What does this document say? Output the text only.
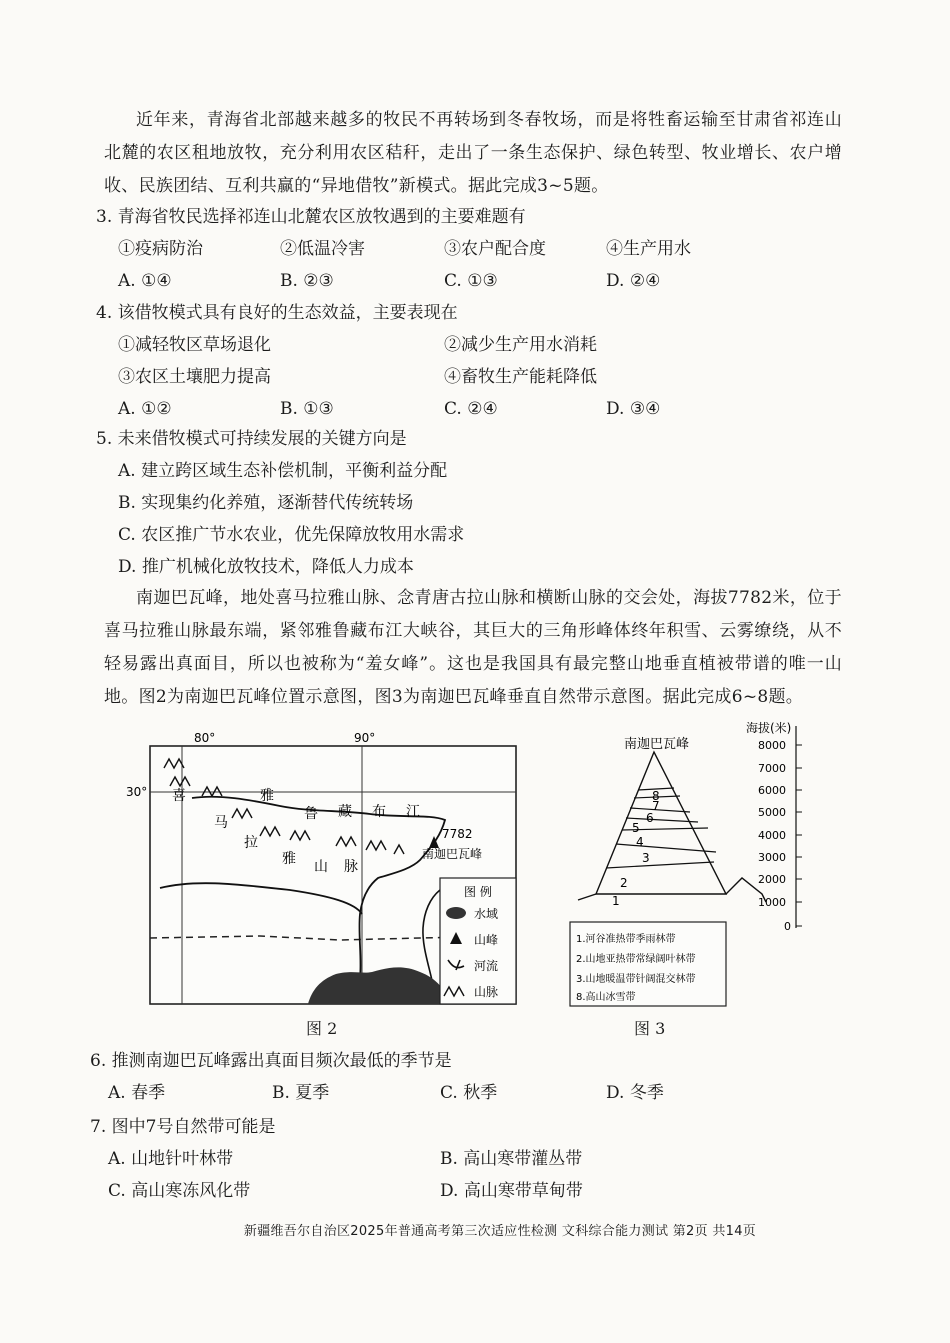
近年来，青海省北部越来越多的牧民不再转场到冬春牧场，而是将牲畜运输至甘肃省祁连山北麓的农区租地放牧，充分利用农区秸秆，走出了一条生态保护、绿色转型、牧业增长、农户增收、民族团结、互利共赢的“异地借牧”新模式。据此完成3~5题。
3. 青海省牧民选择祁连山北麓农区放牧遇到的主要难题有
①疫病防治	②低温冷害	③农户配合度	④生产用水
A. ①④	B. ②③	C. ①③	D. ②④
4. 该借牧模式具有良好的生态效益，主要表现在
①减轻牧区草场退化	②减少生产用水消耗
③农区土壤肥力提高	④畜牧生产能耗降低
A. ①②	B. ①③	C. ②④	D. ③④
5. 未来借牧模式可持续发展的关键方向是
A. 建立跨区域生态补偿机制，平衡利益分配
B. 实现集约化养殖，逐渐替代传统转场
C. 农区推广节水农业，优先保障放牧用水需求
D. 推广机械化放牧技术，降低人力成本
南迦巴瓦峰，地处喜马拉雅山脉、念青唐古拉山脉和横断山脉的交会处，海拔7782米，位于喜马拉雅山脉最东端，紧邻雅鲁藏布江大峡谷，其巨大的三角形峰体终年积雪、云雾缭绕，从不轻易露出真面目，所以也被称为“羞女峰”。这也是我国具有最完整山地垂直植被带谱的唯一山地。图2为南迦巴瓦峰位置示意图，图3为南迦巴瓦峰垂直自然带示意图。据此完成6~8题。
80°	90°
30° 喜
马
拉
雅 山 脉
雅
鲁 藏 布 江
7782
南迦巴瓦峰
图 例
水域
山峰
河流
山脉
图 2
南迦巴瓦峰
1
2
3
4
5
6
7
8
海拔(米)
8000
7000
6000
5000
4000
3000
2000
1000
0
1.河谷准热带季雨林带
2.山地亚热带常绿阔叶林带
3.山地暖温带针阔混交林带
8.高山冰雪带
图 3
6. 推测南迦巴瓦峰露出真面目频次最低的季节是
A. 春季	B. 夏季	C. 秋季	D. 冬季
7. 图中7号自然带可能是
A. 山地针叶林带	B. 高山寒带灌丛带
C. 高山寒冻风化带	D. 高山寒带草甸带
新疆维吾尔自治区2025年普通高考第三次适应性检测 文科综合能力测试 第2页 共14页
